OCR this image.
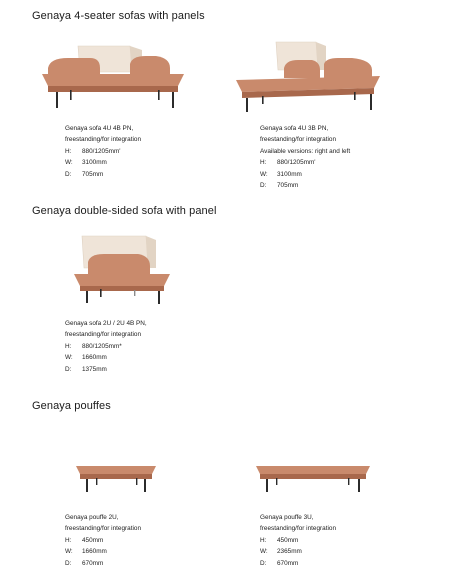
Genaya 4-seater sofas with panels
Genaya sofa 4U 4B PN,
freestanding/for integration
H: 880/1205mm'
W: 3100mm
D: 705mm
Genaya sofa 4U 3B PN,
freestanding/for integration
Available versions: right and left
H: 880/1205mm'
W: 3100mm
D: 705mm
Genaya double-sided sofa with panel
Genaya sofa 2U / 2U 4B PN,
freestanding/for integration
H: 880/1205mm*
W: 1660mm
D: 1375mm
Genaya pouffes
Genaya pouffe 2U,
freestanding/for integration
H: 450mm
W: 1660mm
D: 670mm
Genaya pouffe 3U,
freestanding/for integration
H: 450mm
W: 2365mm
D: 670mm
